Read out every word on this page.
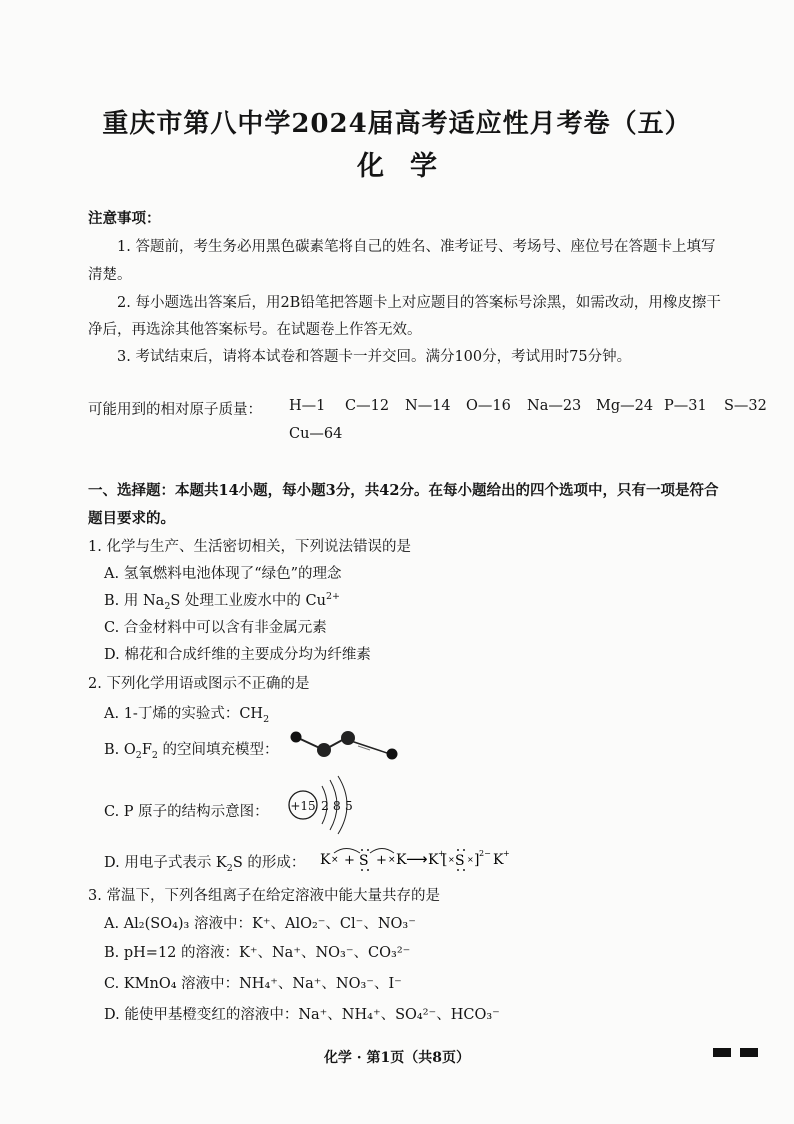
重庆市第八中学2024届高考适应性月考卷（五）
化学
注意事项：
1. 答题前，考生务必用黑色碳素笔将自己的姓名、准考证号、考场号、座位号在答题卡上填写
清楚。
2. 每小题选出答案后，用2B铅笔把答题卡上对应题目的答案标号涂黑，如需改动，用橡皮擦干
净后，再选涂其他答案标号。在试题卷上作答无效。
3. 考试结束后，请将本试卷和答题卡一并交回。满分100分，考试用时75分钟。
可能用到的相对原子质量： H—1 C—12 N—14 O—16 Na—23 Mg—24 P—31 S—32
Cu—64
一、选择题：本题共14小题，每小题3分，共42分。在每小题给出的四个选项中，只有一项是符合
题目要求的。
1. 化学与生产、生活密切相关，下列说法错误的是
A. 氢氧燃料电池体现了“绿色”的理念
B. 用 $Na_2S$ 处理工业废水中的 $Cu^{2+}$
C. 合金材料中可以含有非金属元素
D. 棉花和合成纤维的主要成分均为纤维素
2. 下列化学用语或图示不正确的是
A. 1-丁烯的实验式：$CH_2$
B. $O_2F_2$ 的空间填充模型：
C. P 原子的结构示意图： +15 2 8 5
D. 用电子式表示 $K_2S$ 的形成： K × + S + × K ⟶ K +
[ × S × ] 2− K +
3. 常温下，下列各组离子在给定溶液中能大量共存的是
A. Al₂(SO₄)₃ 溶液中：K⁺、AlO₂⁻、Cl⁻、NO₃⁻
B. pH=12 的溶液：K⁺、Na⁺、NO₃⁻、CO₃²⁻
C. KMnO₄ 溶液中：NH₄⁺、Na⁺、NO₃⁻、I⁻
D. 能使甲基橙变红的溶液中：Na⁺、NH₄⁺、SO₄²⁻、HCO₃⁻
化学 · 第1页（共8页）
